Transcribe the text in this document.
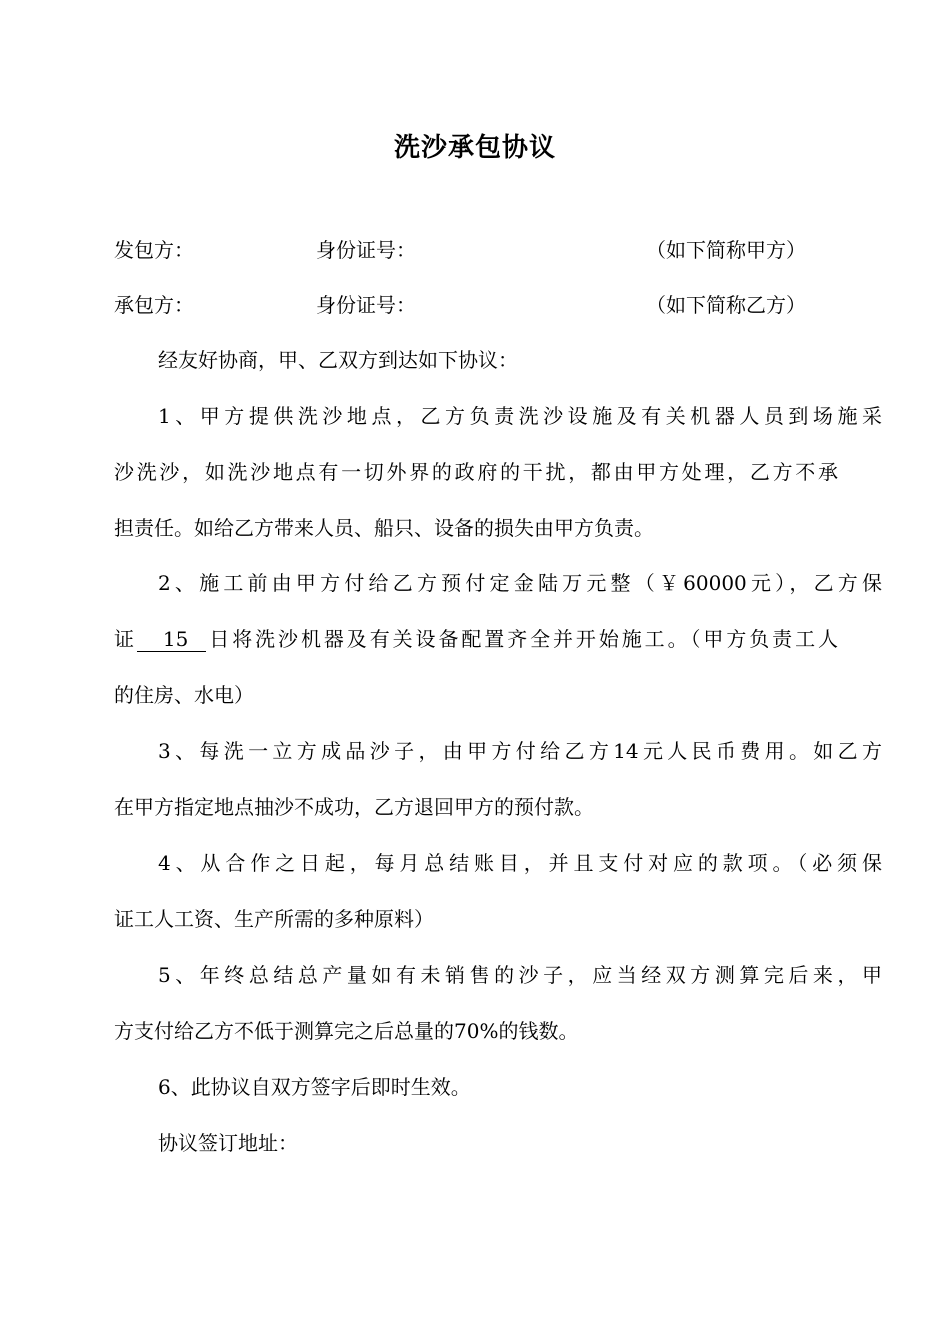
洗沙承包协议
发包方：	身份证号：	（如下简称甲方）
承包方：	身份证号：	（如下简称乙方）
经友好协商，甲、乙双方到达如下协议：
1、甲方提供洗沙地点，乙方负责洗沙设施及有关机器人员到场施采
沙洗沙，如洗沙地点有一切外界的政府的干扰，都由甲方处理，乙方不承
担责任。如给乙方带来人员、船只、设备的损失由甲方负责。
2、施工前由甲方付给乙方预付定金陆万元整（￥60000元），乙方保
证 15 日将洗沙机器及有关设备配置齐全并开始施工。（甲方负责工人
的住房、水电）
3、每洗一立方成品沙子，由甲方付给乙方14元人民币费用。如乙方
在甲方指定地点抽沙不成功，乙方退回甲方的预付款。
4、从合作之日起，每月总结账目，并且支付对应的款项。（必须保
证工人工资、生产所需的多种原料）
5、年终总结总产量如有未销售的沙子，应当经双方测算完后来，甲
方支付给乙方不低于测算完之后总量的70%的钱数。
6、此协议自双方签字后即时生效。
协议签订地址：
